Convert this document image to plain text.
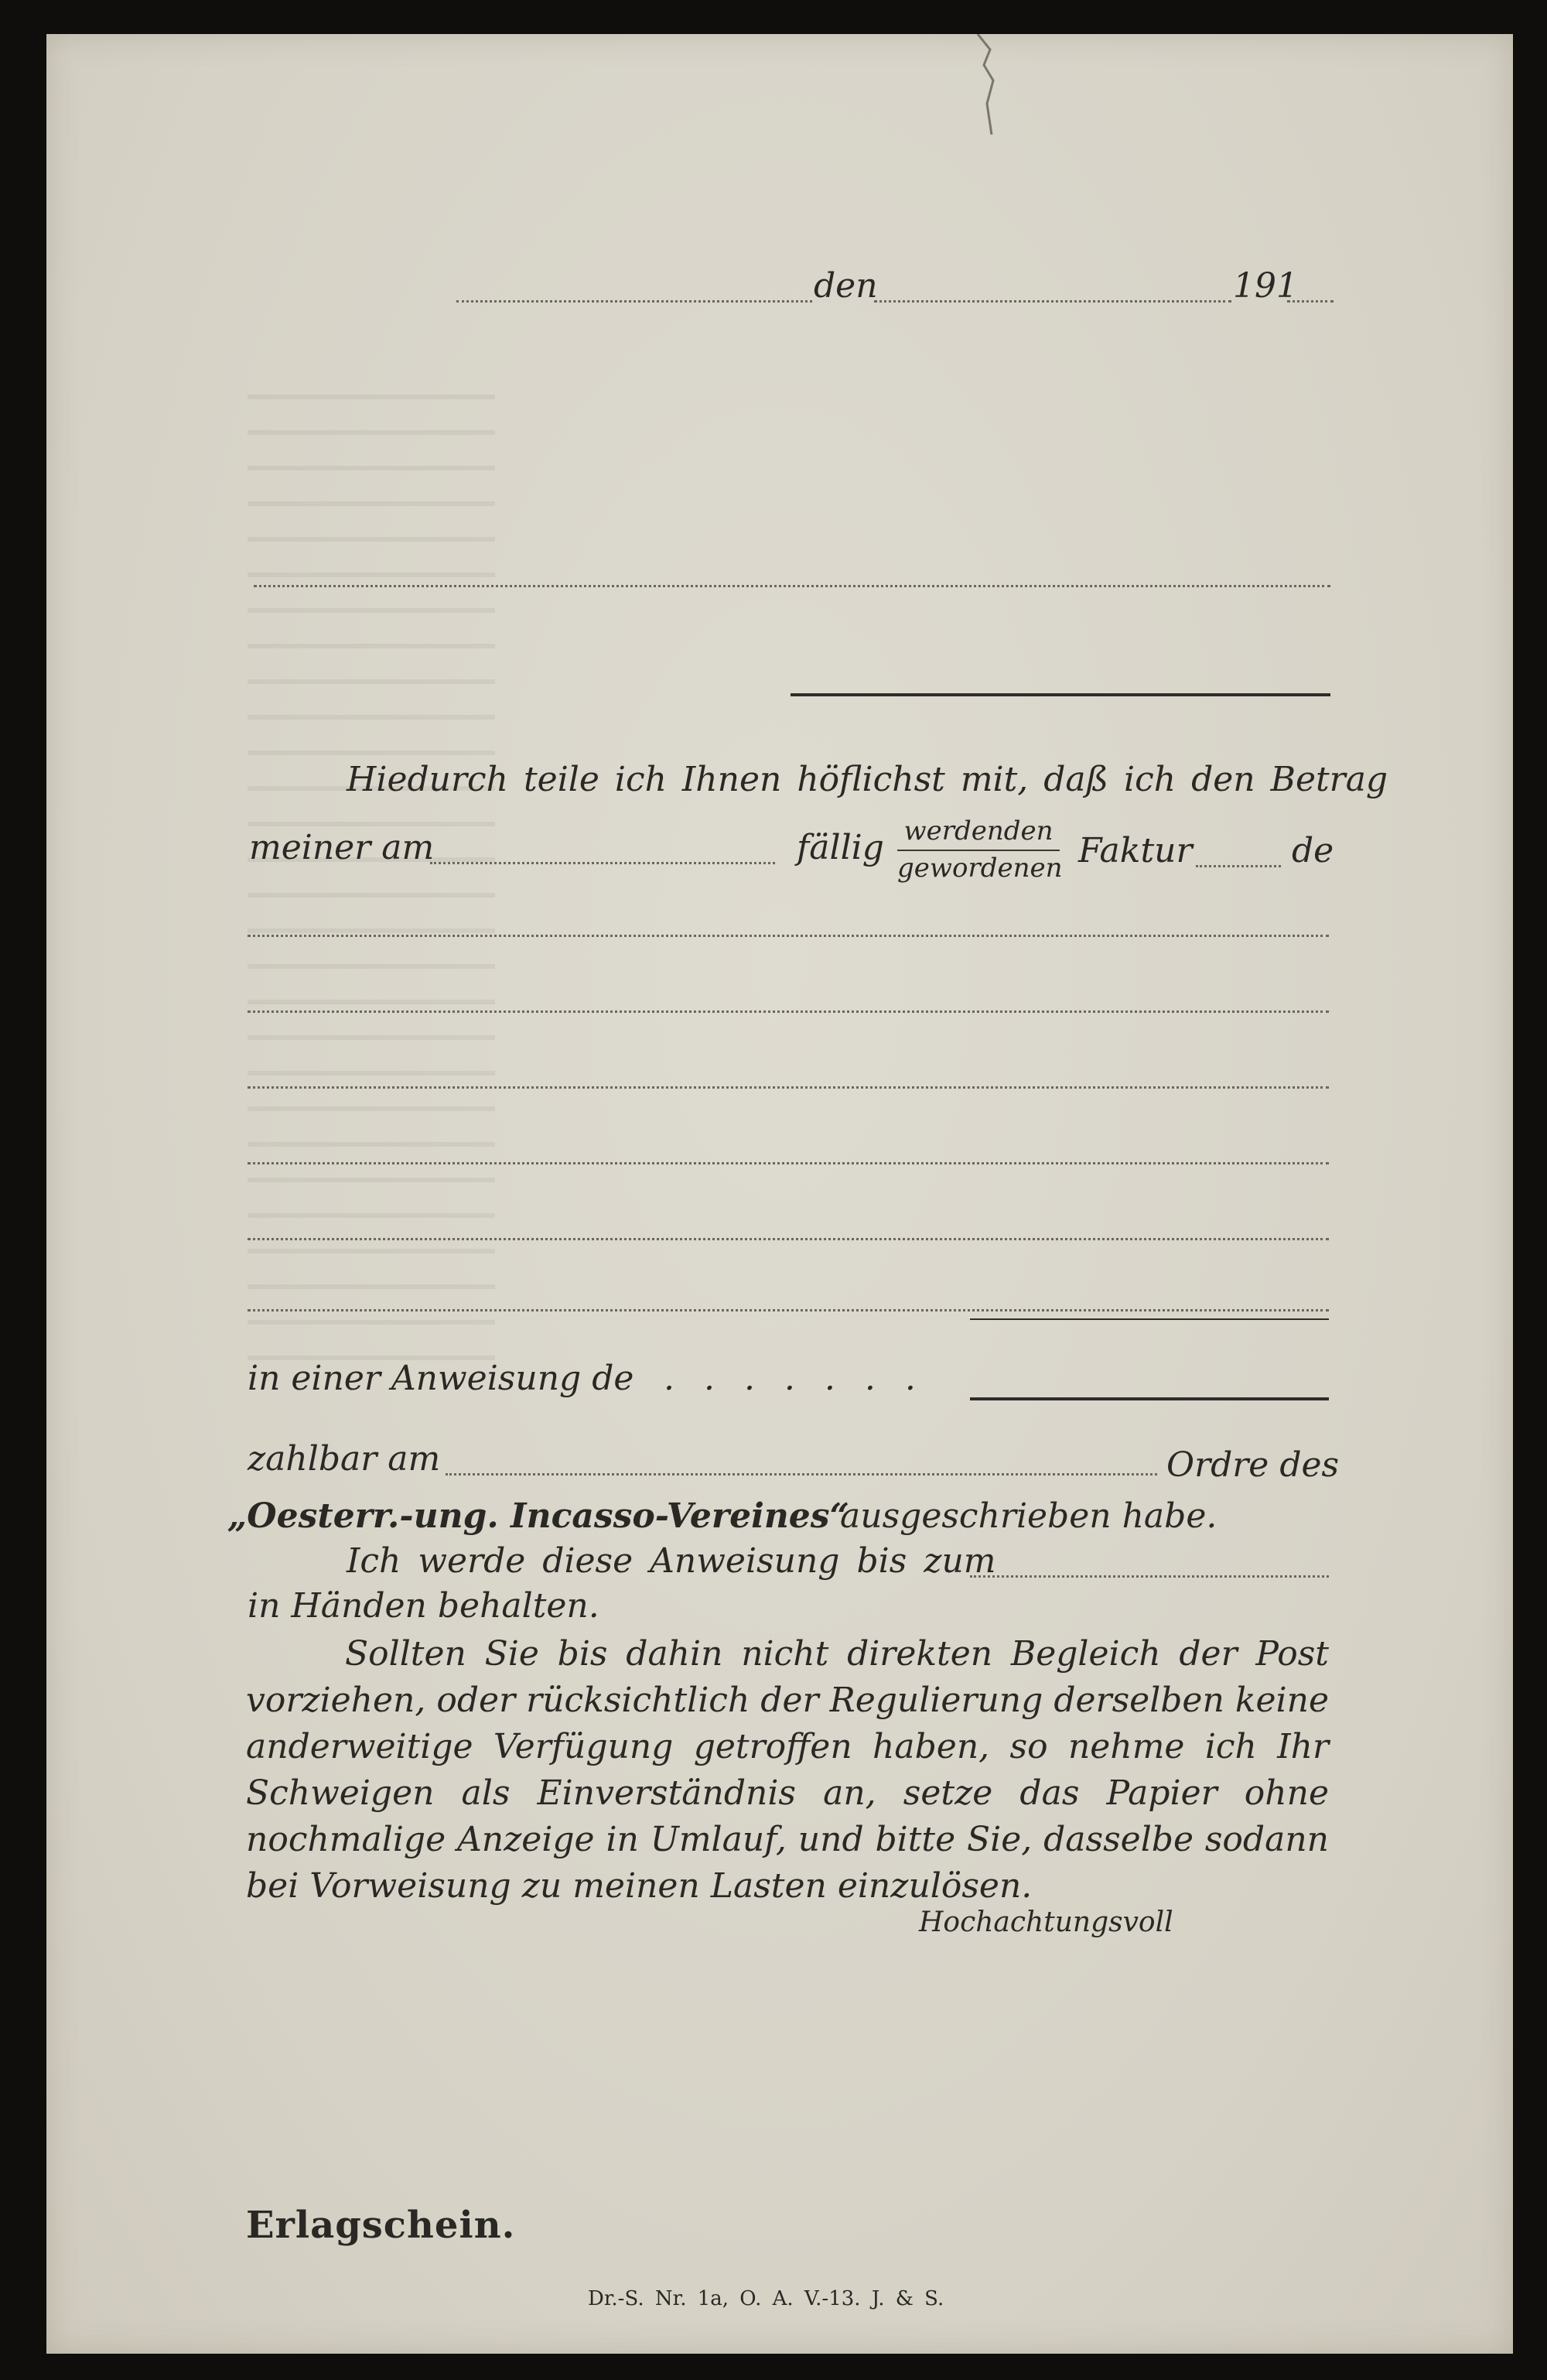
den	191
Hiedurch teile ich Ihnen höflichst mit, daß ich den Betrag
meiner am	fällig werdenden
gewordenen Faktur	de
in einer Anweisung de . . . . . . .
zahlbar am	Ordre des
„Oesterr.-ung. Incasso-Vereines“
ausgeschrieben habe.
Ich werde diese Anweisung bis zum
in Händen behalten.
Sollten Sie bis dahin nicht direkten Begleich der Post vorziehen, oder rücksichtlich der Regulierung derselben keine anderweitige Verfügung getroffen haben, so nehme ich Ihr Schweigen als Einverständnis an, setze das Papier ohne nochmalige Anzeige in Umlauf, und bitte Sie, dasselbe sodann bei Vorweisung zu meinen Lasten einzulösen.
Hochachtungsvoll
Erlagschein.
Dr.-S. Nr. 1a, O. A. V.-13. J. & S.
